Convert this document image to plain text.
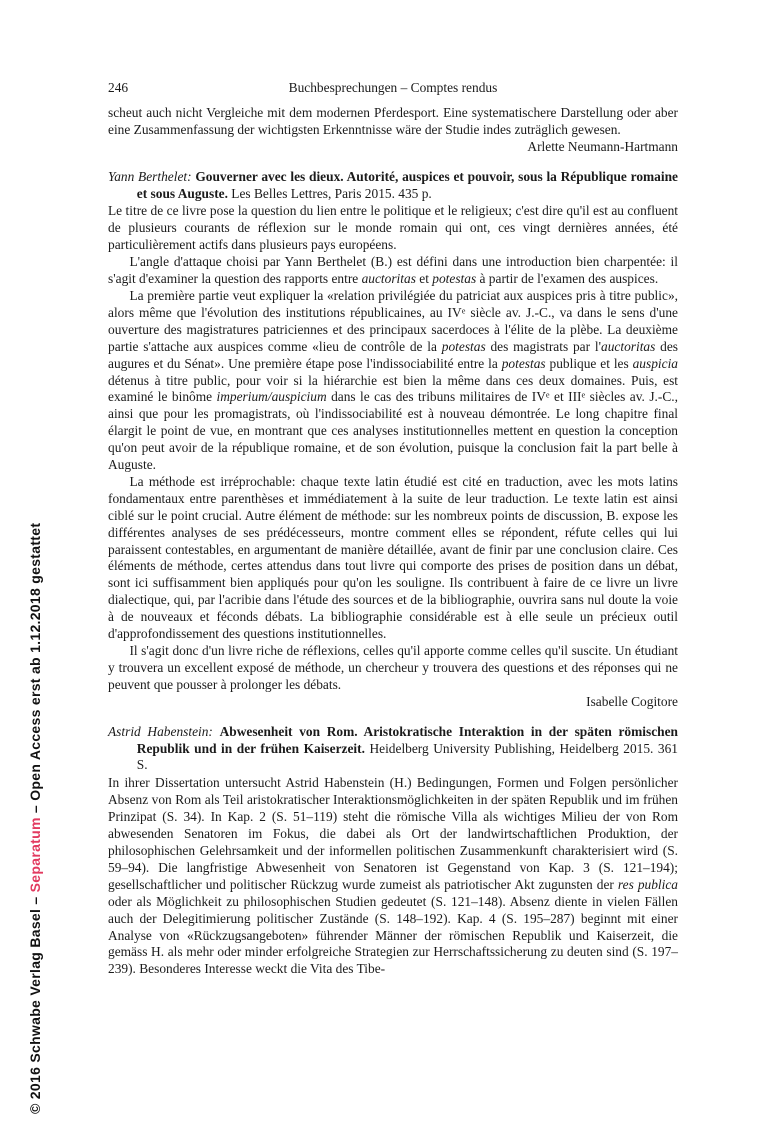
© 2016 Schwabe Verlag Basel – Separatum – Open Access erst ab 1.12.2018 gestattet
246	Buchbesprechungen – Comptes rendus

scheut auch nicht Vergleiche mit dem modernen Pferdesport. Eine systematischere Darstellung oder aber eine Zusammenfassung der wichtigsten Erkenntnisse wäre der Studie indes zuträglich gewesen.

Arlette Neumann-Hartmann

Yann Berthelet: Gouverner avec les dieux. Autorité, auspices et pouvoir, sous la République romaine et sous Auguste. Les Belles Lettres, Paris 2015. 435 p.

Le titre de ce livre pose la question du lien entre le politique et le religieux; c'est dire qu'il est au confluent de plusieurs courants de réflexion sur le monde romain qui ont, ces vingt dernières années, été particulièrement actifs dans plusieurs pays européens.

L'angle d'attaque choisi par Yann Berthelet (B.) est défini dans une introduction bien charpentée: il s'agit d'examiner la question des rapports entre auctoritas et potestas à partir de l'examen des auspices.

La première partie veut expliquer la «relation privilégiée du patriciat aux auspices pris à titre public», alors même que l'évolution des institutions républicaines, au IVe siècle av. J.-C., va dans le sens d'une ouverture des magistratures patriciennes et des principaux sacerdoces à l'élite de la plèbe. La deuxième partie s'attache aux auspices comme «lieu de contrôle de la potestas des magistrats par l'auctoritas des augures et du Sénat». Une première étape pose l'indissociabilité entre la potestas publique et les auspicia détenus à titre public, pour voir si la hiérarchie est bien la même dans ces deux domaines. Puis, est examiné le binôme imperium/auspicium dans le cas des tribuns militaires de IVe et IIIe siècles av. J.-C., ainsi que pour les promagistrats, où l'indissociabilité est à nouveau démontrée. Le long chapitre final élargit le point de vue, en montrant que ces analyses institutionnelles mettent en question la conception qu'on peut avoir de la république romaine, et de son évolution, puisque la conclusion fait la part belle à Auguste.

La méthode est irréprochable: chaque texte latin étudié est cité en traduction, avec les mots latins fondamentaux entre parenthèses et immédiatement à la suite de leur traduction. Le texte latin est ainsi ciblé sur le point crucial. Autre élément de méthode: sur les nombreux points de discussion, B. expose les différentes analyses de ses prédécesseurs, montre comment elles se répondent, réfute celles qui lui paraissent contestables, en argumentant de manière détaillée, avant de finir par une conclusion claire. Ces éléments de méthode, certes attendus dans tout livre qui comporte des prises de position dans un débat, sont ici suffisamment bien appliqués pour qu'on les souligne. Ils contribuent à faire de ce livre un livre dialectique, qui, par l'acribie dans l'étude des sources et de la bibliographie, ouvrira sans nul doute la voie à de nouveaux et féconds débats. La bibliographie considérable est à elle seule un précieux outil d'approfondissement des questions institutionnelles.

Il s'agit donc d'un livre riche de réflexions, celles qu'il apporte comme celles qu'il suscite. Un étudiant y trouvera un excellent exposé de méthode, un chercheur y trouvera des questions et des réponses qui ne peuvent que pousser à prolonger les débats.

Isabelle Cogitore

Astrid Habenstein: Abwesenheit von Rom. Aristokratische Interaktion in der späten römischen Republik und in der frühen Kaiserzeit. Heidelberg University Publishing, Heidelberg 2015. 361 S.

In ihrer Dissertation untersucht Astrid Habenstein (H.) Bedingungen, Formen und Folgen persönlicher Absenz von Rom als Teil aristokratischer Interaktionsmöglichkeiten in der späten Republik und im frühen Prinzipat (S. 34). In Kap. 2 (S. 51–119) steht die römische Villa als wichtiges Milieu der von Rom abwesenden Senatoren im Fokus, die dabei als Ort der landwirtschaftlichen Produktion, der philosophischen Gelehrsamkeit und der informellen politischen Zusammenkunft charakterisiert wird (S. 59–94). Die langfristige Abwesenheit von Senatoren ist Gegenstand von Kap. 3 (S. 121–194); gesellschaftlicher und politischer Rückzug wurde zumeist als patriotischer Akt zugunsten der res publica oder als Möglichkeit zu philosophischen Studien gedeutet (S. 121–148). Absenz diente in vielen Fällen auch der Delegitimierung politischer Zustände (S. 148–192). Kap. 4 (S. 195–287) beginnt mit einer Analyse von «Rückzugsangeboten» führender Männer der römischen Republik und Kaiserzeit, die gemäss H. als mehr oder minder erfolgreiche Strategien zur Herrschaftssicherung zu deuten sind (S. 197–239). Besonderes Interesse weckt die Vita des Tibe-
